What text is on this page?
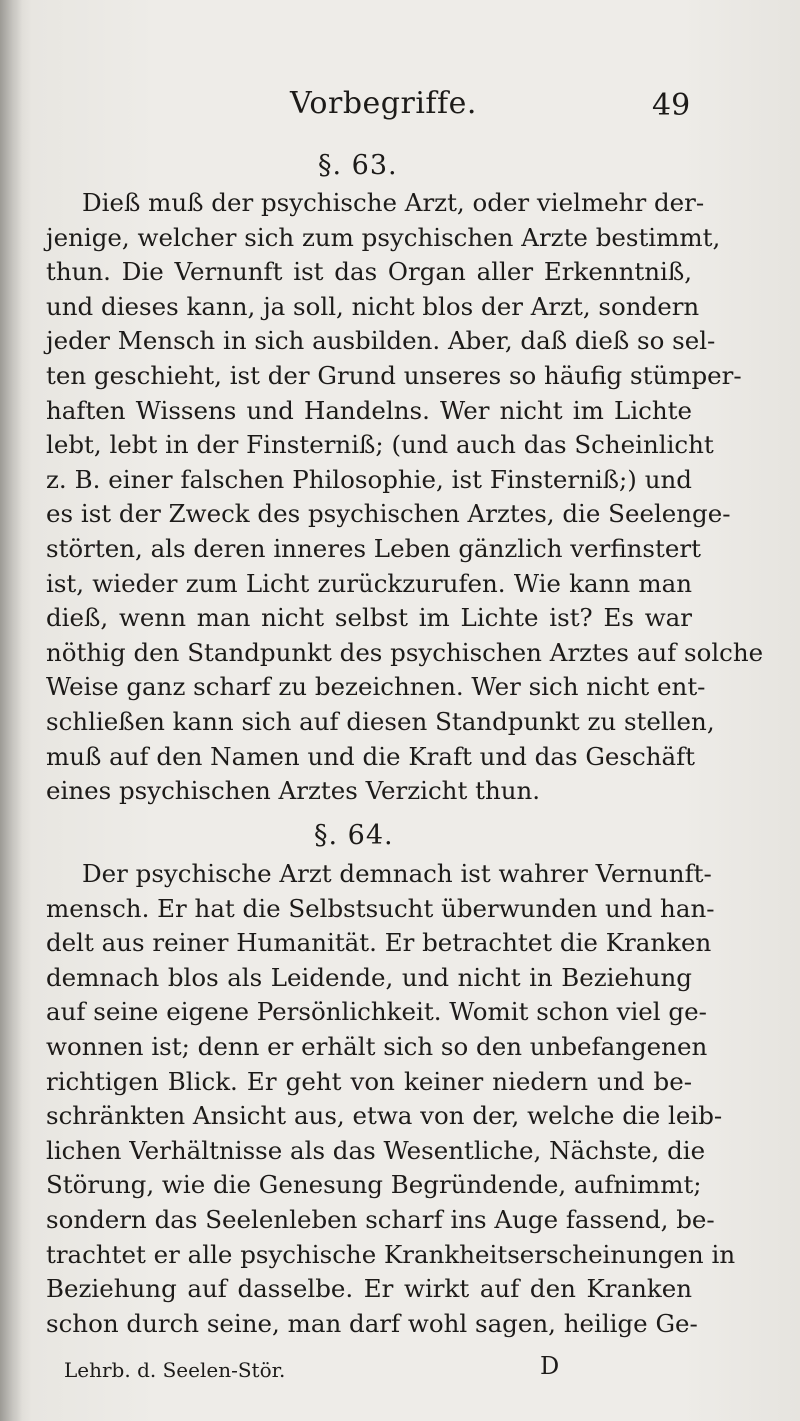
Vorbegriffe.	49
§. 63.
Dieß muß der psychische Arzt, oder vielmehr der-
jenige, welcher sich zum psychischen Arzte bestimmt,
thun. Die Vernunft ist das Organ aller Erkenntniß,
und dieses kann, ja soll, nicht blos der Arzt, sondern
jeder Mensch in sich ausbilden. Aber, daß dieß so sel-
ten geschieht, ist der Grund unseres so häufig stümper-
haften Wissens und Handelns. Wer nicht im Lichte
lebt, lebt in der Finsterniß; (und auch das Scheinlicht
z. B. einer falschen Philosophie, ist Finsterniß;) und
es ist der Zweck des psychischen Arztes, die Seelenge-
störten, als deren inneres Leben gänzlich verfinstert
ist, wieder zum Licht zurückzurufen. Wie kann man
dieß, wenn man nicht selbst im Lichte ist? Es war
nöthig den Standpunkt des psychischen Arztes auf solche
Weise ganz scharf zu bezeichnen. Wer sich nicht ent-
schließen kann sich auf diesen Standpunkt zu stellen,
muß auf den Namen und die Kraft und das Geschäft
eines psychischen Arztes Verzicht thun.
§. 64.
Der psychische Arzt demnach ist wahrer Vernunft-
mensch. Er hat die Selbstsucht überwunden und han-
delt aus reiner Humanität. Er betrachtet die Kranken
demnach blos als Leidende, und nicht in Beziehung
auf seine eigene Persönlichkeit. Womit schon viel ge-
wonnen ist; denn er erhält sich so den unbefangenen
richtigen Blick. Er geht von keiner niedern und be-
schränkten Ansicht aus, etwa von der, welche die leib-
lichen Verhältnisse als das Wesentliche, Nächste, die
Störung, wie die Genesung Begründende, aufnimmt;
sondern das Seelenleben scharf ins Auge fassend, be-
trachtet er alle psychische Krankheitserscheinungen in
Beziehung auf dasselbe. Er wirkt auf den Kranken
schon durch seine, man darf wohl sagen, heilige Ge-
Lehrb. d. Seelen-Stör.	D
